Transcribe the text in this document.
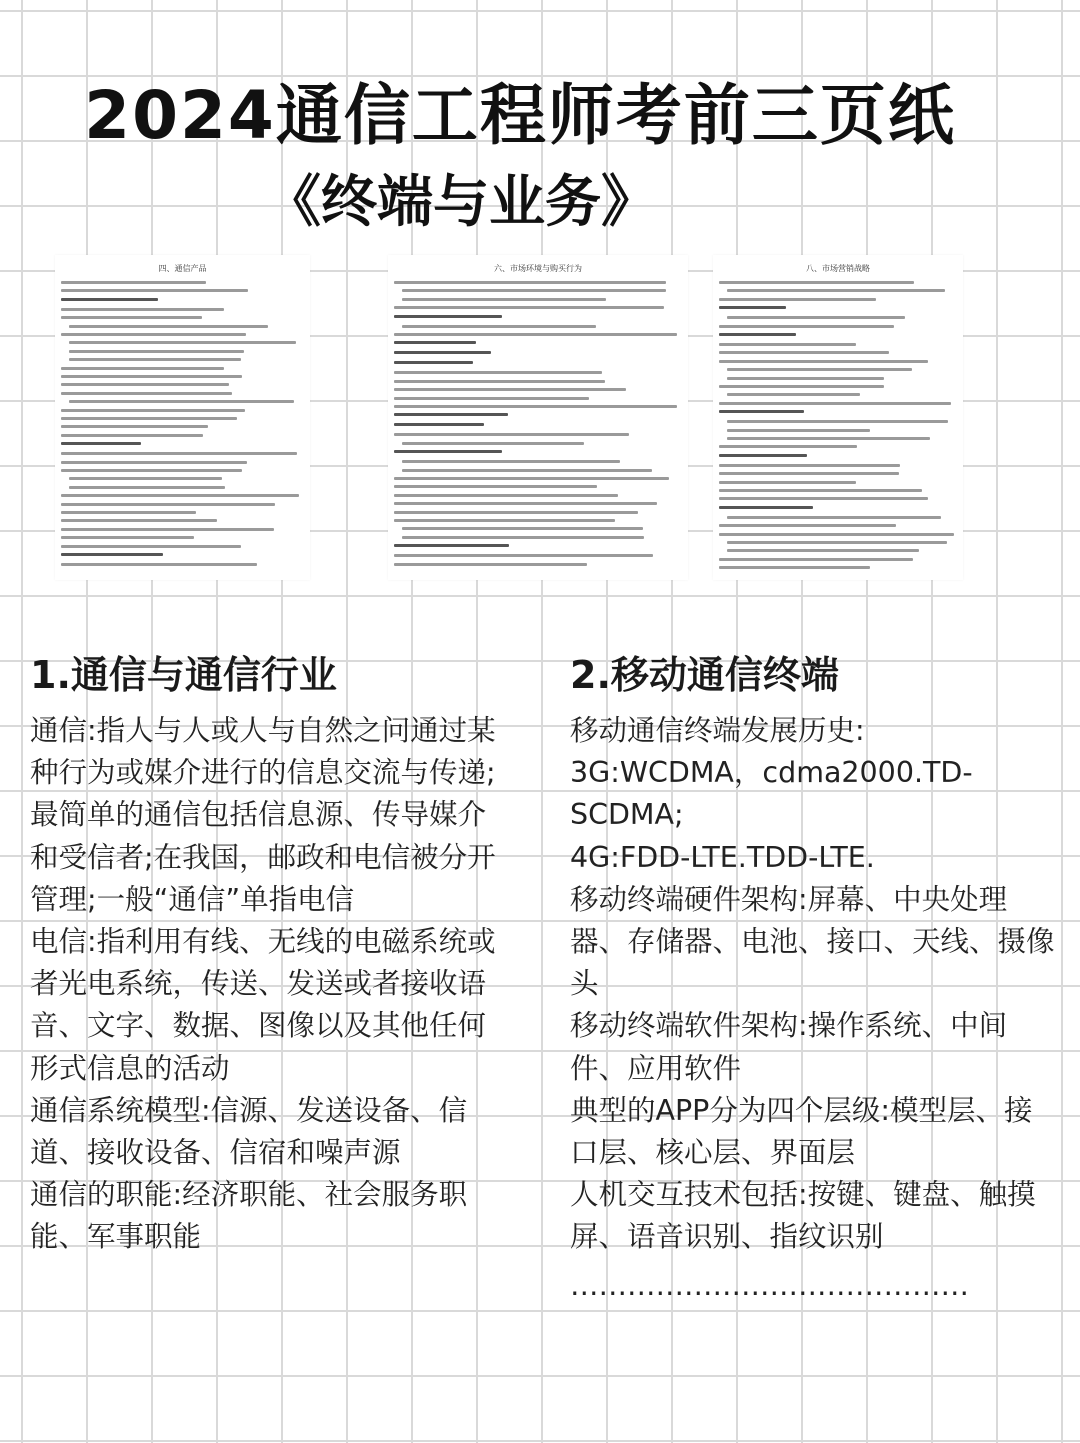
2024通信工程师考前三页纸
《终端与业务》
四、通信产品	六、市场环境与购买行为	八、市场营销战略
1.通信与通信行业

通信:指人与人或人与自然之问通过某种行为或媒介进行的信息交流与传递;最简单的通信包括信息源、传导媒介和受信者;在我国，邮政和电信被分开管理;一般“通信”单指电信

电信:指利用有线、无线的电磁系统或者光电系统，传送、发送或者接收语音、文字、数据、图像以及其他任何形式信息的活动

通信系统模型:信源、发送设备、信道、接收设备、信宿和噪声源

通信的职能:经济职能、社会服务职能、军事职能

2.移动通信终端

移动通信终端发展历史:

3G:WCDMA，cdma2000.TD-SCDMA;

4G:FDD-LTE.TDD-LTE.

移动终端硬件架构:屏幕、中央处理器、存储器、电池、接口、天线、摄像头

移动终端软件架构:操作系统、中间件、应用软件

典型的APP分为四个层级:模型层、接口层、核心层、界面层

人机交互技术包括:按键、键盘、触摸屏、语音识别、指纹识别

……………………………………
